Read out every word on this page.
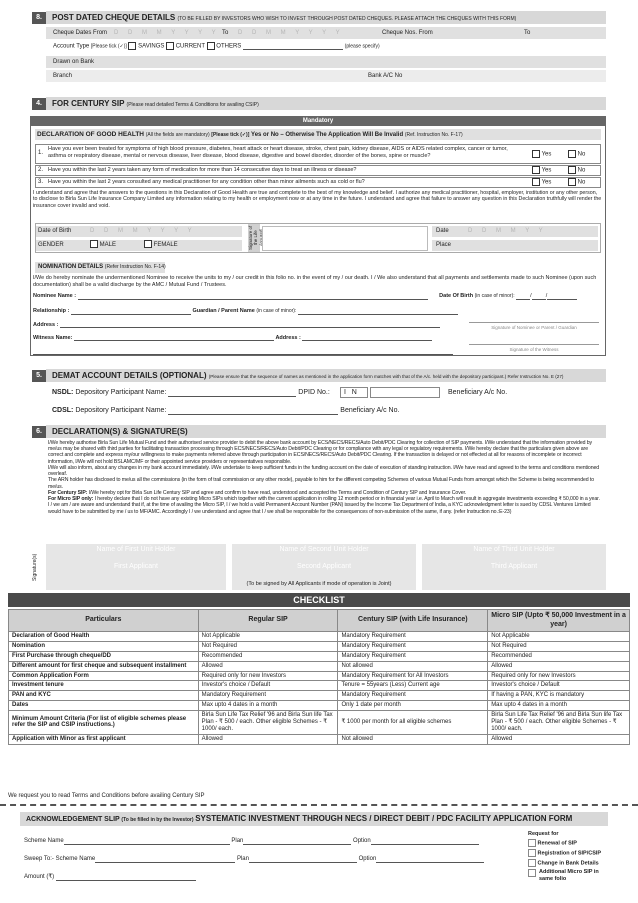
8.	POST DATED CHEQUE DETAILS (TO BE FILLED BY INVESTORS WHO WISH TO INVEST THROUGH POST DATED CHEQUES. PLEASE ATTACH THE CHEQUES WITH THIS FORM)
Cheque Dates From D D M M Y Y Y Y To D D M M Y Y Y Y	Cheque Nos. From	To
Account Type [Please tick (✓)] SAVINGS CURRENT OTHERS	(please specify)
Drawn on Bank
Branch	Bank A/C No
4.	FOR CENTURY SIP (Please read detailed Terms & Conditions for availing CSIP)
Mandatory
DECLARATION OF GOOD HEALTH (All the fields are mandatory) [Please tick (✓)] Yes or No – Otherwise The Application Will Be Invalid (Ref. Instruction No. F-17)
1.
Have you ever been treated for symptoms of high blood pressure, diabetes, heart attack or heart disease, stroke, chest pain, kidney disease, AIDS or AIDS related complex, cancer or tumor, asthma or respiratory disease, mental or nervous disease, liver disease, blood disease, digestive and bowel disorder, disorder of the bones, spine or muscle?	Yes	No
2. Have you within the last 2 years taken any form of medication for more than 14 consecutive days to treat an illness or disease?	Yes	No
3. Have you within the last 2 years consulted any medical practitioner for any condition other than minor ailments such as cold or flu?	Yes	No
I understand and agree that the answers to the questions in this Declaration of Good Health are true and complete to the best of my knowledge and belief. I authorize any medical practitioner, hospital, employer, institution or any other person, to disclose to Birla Sun Life Insurance Company Limited any information relating to my health or employment now or at any time in the future. I understand and agree that failure to answer any question in this Declaration truthfully will render the insurance cover invalid and void.
Date of Birth	D D M M Y Y Y Y
GENDER	MALE	FEMALE	Signature of the Life Assured	Date	D D M M Y Y
Place
NOMINATION DETAILS (Refer Instruction No. F-14)
I/We do hereby nominate the undermentioned Nominee to receive the units to my / our credit in this folio no. in the event of my / our death. I / We also understand that all payments and settlements made to such Nominee (upon such documentation) shall be a valid discharge by the AMC / Mutual Fund / Trustees.
Nominee Name :	Date Of Birth (in case of minor):	/	/
Relationship :	Guardian / Parent Name (in case of minor):
Address :
Witness Name:	Address :
Signature of Nominee or Parent / Guardian
Signature of the Witness
5.	DEMAT ACCOUNT DETAILS (OPTIONAL) (Please ensure that the sequence of names as mentioned in the application form matches with that of the A/c. held with the depository participant.) Refer Instruction No. E (27)
NSDL: Depository Participant Name:	DPID No.:	I N	Beneficiary A/c No.
CDSL: Depository Participant Name:	Beneficiary A/c No.
6.	DECLARATION(S) & SIGNATURE(S)
I/We hereby authorise Birla Sun Life Mutual Fund and their authorised service provider to debit the above bank account by ECS/NECS/RECS/Auto Debit/PDC Clearing for collection of SIP payments. I/We understand that the information provided by me/us may be shared with third parties for facilitating transaction processing through ECS/NECS/RECS/Auto Debit/PDC Clearing or for compliance with any legal or regulatory requirements. I/We hereby declare that the particulars given above are correct and complete and express my/our willingness to make payments referred above through participation in ECS/NECS/RECS/Auto Debit/PDC Clearing. If the transaction is delayed or not effected at all for reasons of incomplete or incorrect information, I/We will not hold BSLAMC/MF or their appointed service providers or representatives responsible.
I/We will also inform, about any changes in my bank account immediately. I/We undertake to keep sufficient funds in the funding account on the date of execution of standing instruction. I/We have read and agreed to the terms and conditions mentioned overleaf.
The ARN holder has disclosed to me/us all the commissions (in the form of trail commission or any other mode), payable to him for the different competing Schemes of various Mutual Funds from amongst which the Scheme is being recommended to me/us.
For Century SIP: I/We hereby opt for Birla Sun Life Century SIP and agree and confirm to have read, understood and accepted the Terms and Condition of Century SIP and Insurance Cover.
For Micro SIP only: I hereby declare that I do not have any existing Micro SIPs which together with the current application in rolling 12 month period or in financial year i.e. April to March will result in aggregate investments exceeding ₹ 50,000 in a year.
I / we am / are aware and understand that if, at the time of availing the Micro SIP, I / we hold a valid Permanent Account Number (PAN) issued by the Income Tax Department of India, a KYC acknowledgment letter is sued by CDSL Ventures Limited would have to be submitted by me / us to MF/AMC. Accordingly I / we understand and agree that I / we shall be responsible for the consequences of non-submission of the same, if any. (refer Instruction no.:E-23)
Signature(s)
Name of First Unit Holder
First Applicant
Name of Second Unit Holder
Second Applicant
Name of Third Unit Holder
Third Applicant
(To be signed by All Applicants if mode of operation is Joint)
CHECKLIST
Particulars	Regular SIP	Century SIP (with Life Insurance)	Micro SIP (Upto ₹ 50,000 Investment in a year)
Declaration of Good Health	Not Applicable	Mandatory Requirement	Not Applicable
Nomination	Not Required	Mandatory Requirement	Not Required
First Purchase through cheque/DD	Recommended	Mandatory Requirement	Recommended
Different amount for first cheque and subsequent installment	Allowed	Not allowed	Allowed
Common Application Form	Required only for new Investors	Mandatory Requirement for All Investors	Required only for new Investors
Investment tenure	Investor's choice / Default	Tenure = 55years (Less) Current age	Investor's choice / Default
PAN and KYC	Mandatory Requirement	Mandatory Requirement	If having a PAN, KYC is mandatory
Dates	Max upto 4 dates in a month	Only 1 date per month	Max upto 4 dates in a month
Minimum Amount Criteria (For list of eligible schemes please refer the SIP and CSIP instructions.)	Birla Sun Life Tax Relief '96 and Birla Sun life Tax Plan - ₹ 500 / each. Other eligible Schemes - ₹ 1000/ each.	₹ 1000 per month for all eligible schemes	Birla Sun Life Tax Relief '96 and Birla Sun life Tax Plan - ₹ 500 / each. Other eligible Schemes - ₹ 1000/ each.
Application with Minor as first applicant	Allowed	Not allowed	Allowed
We request you to read Terms and Conditions before availing Century SIP
ACKNOWLEDGEMENT SLIP (To be filled in by the Investor) SYSTEMATIC INVESTMENT THROUGH NECS / DIRECT DEBIT / PDC FACILITY APPLICATION FORM
Scheme Name	Plan	Option
Sweep To:- Scheme Name	Plan	Option
Amount (₹)
Request for
Renewal of SIP
Registration of SIP/CSIP
Change in Bank Details
Additional Micro SIP in same folio
